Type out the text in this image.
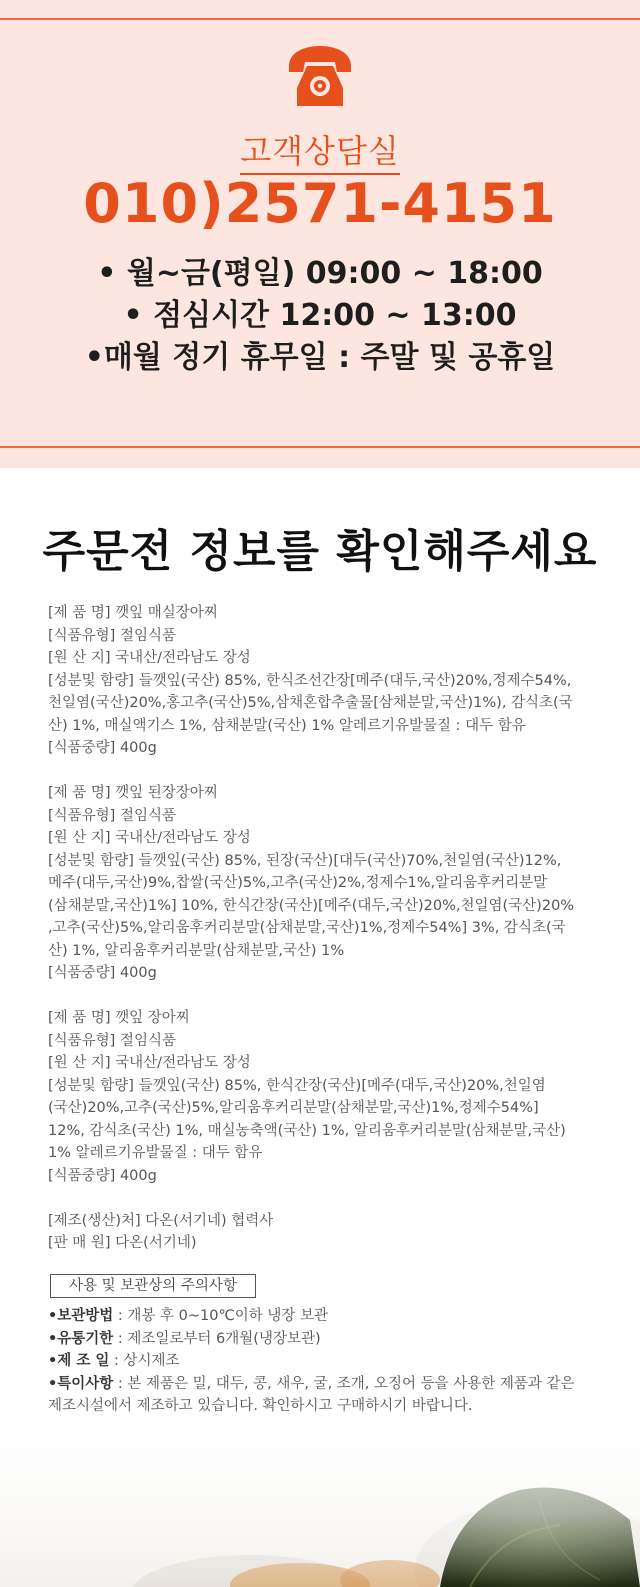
고객상담실
010)2571-4151
• 월~금(평일) 09:00 ~ 18:00
• 점심시간 12:00 ~ 13:00
•매월 정기 휴무일 : 주말 및 공휴일
주문전 정보를 확인해주세요
[제 품 명] 깻잎 매실장아찌
[식품유형] 절임식품
[원 산 지] 국내산/전라남도 장성
[성분및 함량] 들깻잎(국산) 85%, 한식조선간장[메주(대두,국산)20%,정제수54%,
천일염(국산)20%,홍고추(국산)5%,삼채혼합추출물[삼채분말,국산)1%), 감식초(국
산) 1%, 매실액기스 1%, 삼채분말(국산) 1% 알레르기유발물질 : 대두 함유
[식품중량] 400g
[제 품 명] 깻잎 된장장아찌
[식품유형] 절임식품
[원 산 지] 국내산/전라남도 장성
[성분및 함량] 들깻잎(국산) 85%, 된장(국산)[대두(국산)70%,천일염(국산)12%,
메주(대두,국산)9%,찹쌀(국산)5%,고추(국산)2%,정제수1%,알리움후커리분말
(삼채분말,국산)1%] 10%, 한식간장(국산)[메주(대두,국산)20%,천일염(국산)20%
,고추(국산)5%,알리움후커리분말(삼채분말,국산)1%,정제수54%] 3%, 감식초(국
산) 1%, 알리움후커리분말(삼채분말,국산) 1%
[식품중량] 400g
[제 품 명] 깻잎 장아찌
[식품유형] 절임식품
[원 산 지] 국내산/전라남도 장성
[성분및 함량] 들깻잎(국산) 85%, 한식간장(국산)[메주(대두,국산)20%,천일염
(국산)20%,고추(국산)5%,알리움후커리분말(삼채분말,국산)1%,정제수54%]
12%, 감식초(국산) 1%, 매실농축액(국산) 1%, 알리움후커리분말(삼채분말,국산)
1% 알레르기유발물질 : 대두 함유
[식품중량] 400g
[제조(생산)처] 다온(서기네) 협력사
[판 매 원] 다온(서기네)
사용 및 보관상의 주의사항
•보관방법 : 개봉 후 0~10℃이하 냉장 보관
•유통기한 : 제조일로부터 6개월(냉장보관)
•제 조 일 : 상시제조
•특이사항 : 본 제품은 밀, 대두, 콩, 새우, 굴, 조개, 오징어 등을 사용한 제품과 같은
제조시설에서 제조하고 있습니다. 확인하시고 구매하시기 바랍니다.
